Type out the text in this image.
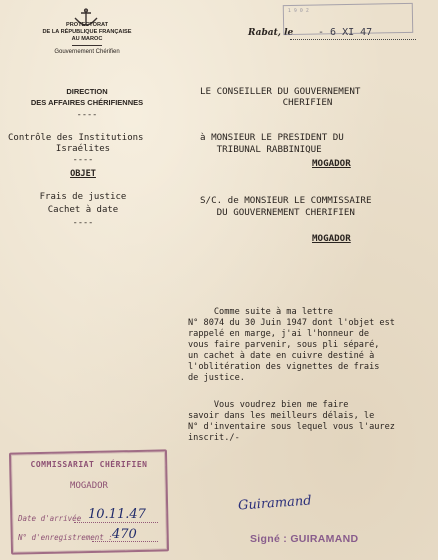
PROTECTORAT
DE LA RÉPUBLIQUE FRANÇAISE
AU MAROC
Gouvernement Chérifien
DIRECTION
DES AFFAIRES CHÉRIFIENNES
----
Rabat, le
1 9 0 2
- 6 XI 47
Contrôle des Institutions
Israélites
----
OBJET
Frais de justice
Cachet à date
----
LE CONSEILLER DU GOUVERNEMENT
CHERIFIEN
à MONSIEUR LE PRESIDENT DU
TRIBUNAL RABBINIQUE
MOGADOR
S/C. de MONSIEUR LE COMMISSAIRE
DU GOUVERNEMENT CHERIFIEN
MOGADOR
Comme suite à ma lettre
N° 8074 du 30 Juin 1947 dont l'objet est
rappelé en marge, j'ai l'honneur de
vous faire parvenir, sous pli séparé,
un cachet à date en cuivre destiné à
l'oblitération des vignettes de frais
de justice.
Vous voudrez bien me faire
savoir dans les meilleurs délais, le
N° d'inventaire sous lequel vous l'aurez
inscrit./-
COMMISSARIAT CHÉRIFIEN
MOGADOR
Date d'arrivée 10.11.47
N° d'enregistrement : 470
Guiramand
Signé : GUIRAMAND
